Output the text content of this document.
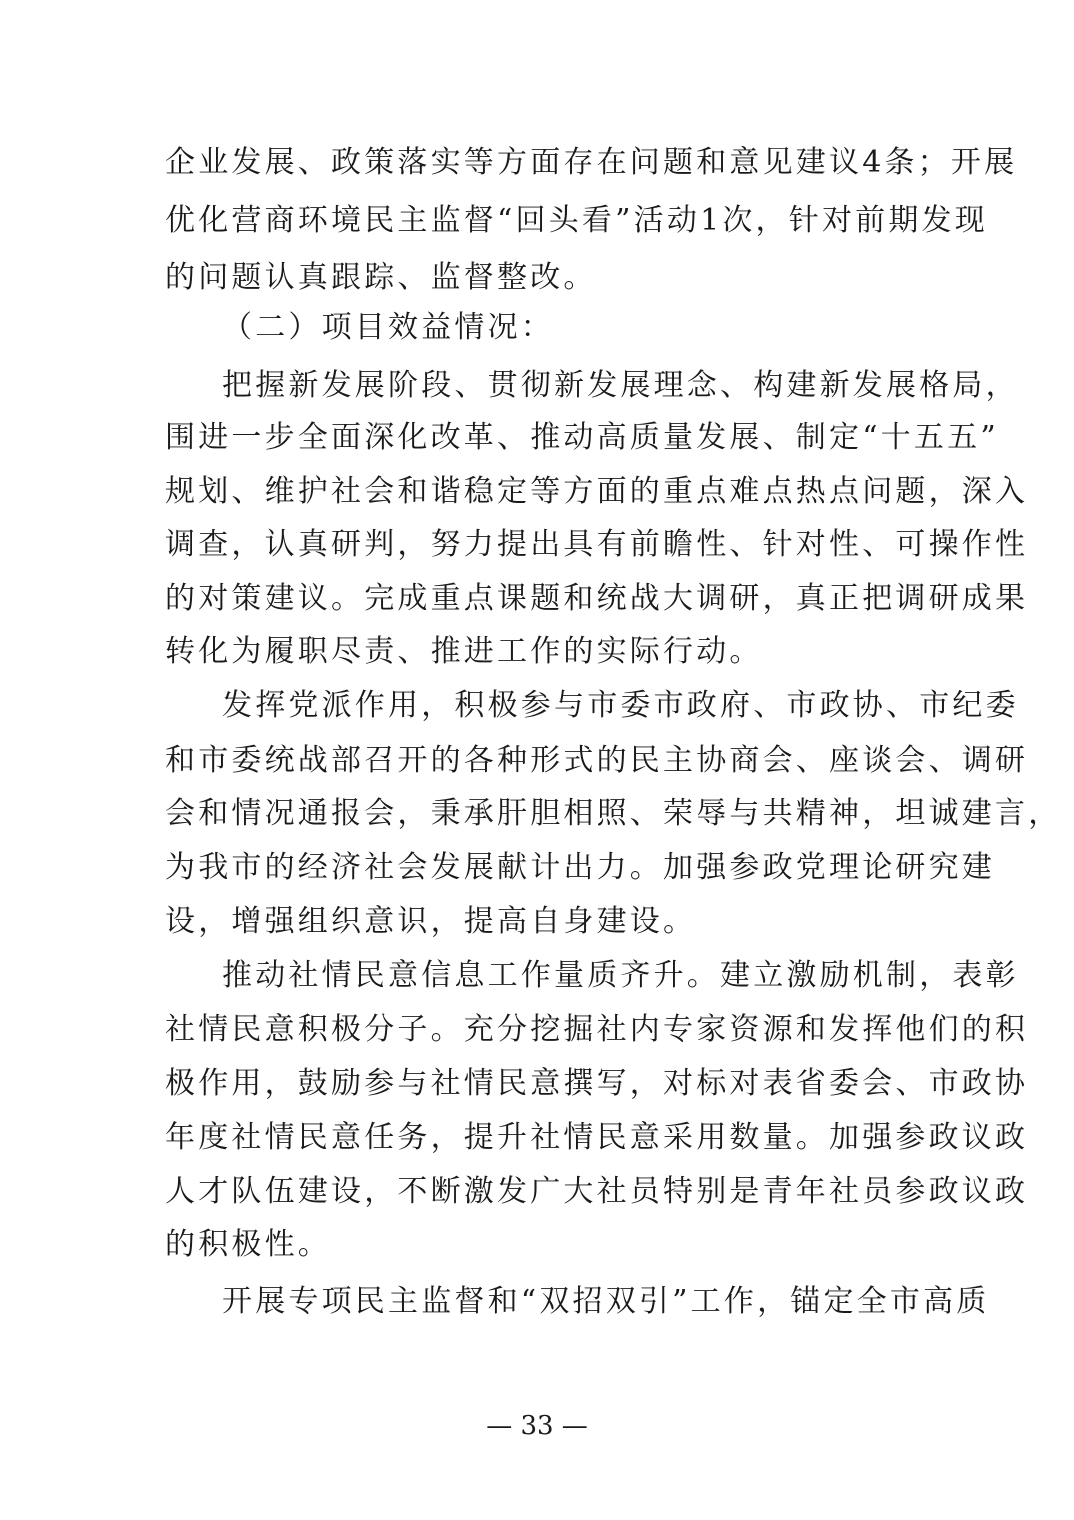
企业发展、政策落实等方面存在问题和意见建议4条；开展
优化营商环境民主监督“回头看”活动1次，针对前期发现
的问题认真跟踪、监督整改。
（二）项目效益情况：
把握新发展阶段、贯彻新发展理念、构建新发展格局，
围进一步全面深化改革、推动高质量发展、制定“十五五”
规划、维护社会和谐稳定等方面的重点难点热点问题，深入
调查，认真研判，努力提出具有前瞻性、针对性、可操作性
的对策建议。完成重点课题和统战大调研，真正把调研成果
转化为履职尽责、推进工作的实际行动。
发挥党派作用，积极参与市委市政府、市政协、市纪委
和市委统战部召开的各种形式的民主协商会、座谈会、调研
会和情况通报会，秉承肝胆相照、荣辱与共精神，坦诚建言，
为我市的经济社会发展献计出力。加强参政党理论研究建
设，增强组织意识，提高自身建设。
推动社情民意信息工作量质齐升。建立激励机制，表彰
社情民意积极分子。充分挖掘社内专家资源和发挥他们的积
极作用，鼓励参与社情民意撰写，对标对表省委会、市政协
年度社情民意任务，提升社情民意采用数量。加强参政议政
人才队伍建设，不断激发广大社员特别是青年社员参政议政
的积极性。
开展专项民主监督和“双招双引”工作，锚定全市高质
— 33 —
